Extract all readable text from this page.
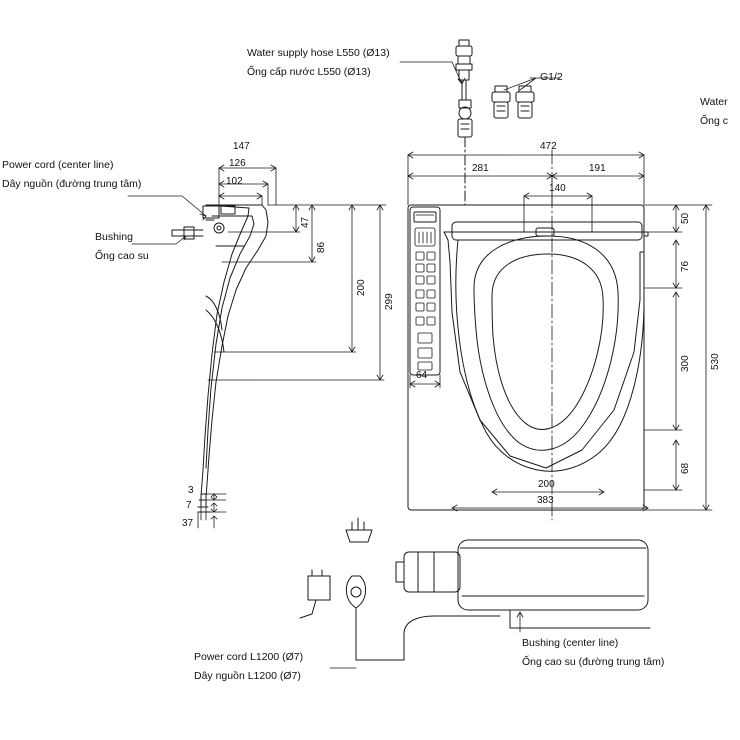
Water supply hose L550 (Ø13)
Ống cấp nước L550 (Ø13)	G1/2
Water
Ống c
Power cord (center line)
Dây nguồn (đường trung tâm)
Bushing
Ống cao su
Power cord L1200 (Ø7)
Dây nguồn L1200 (Ø7)
Bushing (center line)
Ống cao su (đường trung tâm)
147
126
102
47
86
200
299
3
7
37
472
281	191
140
64
50
76
300
68
530
200
383
